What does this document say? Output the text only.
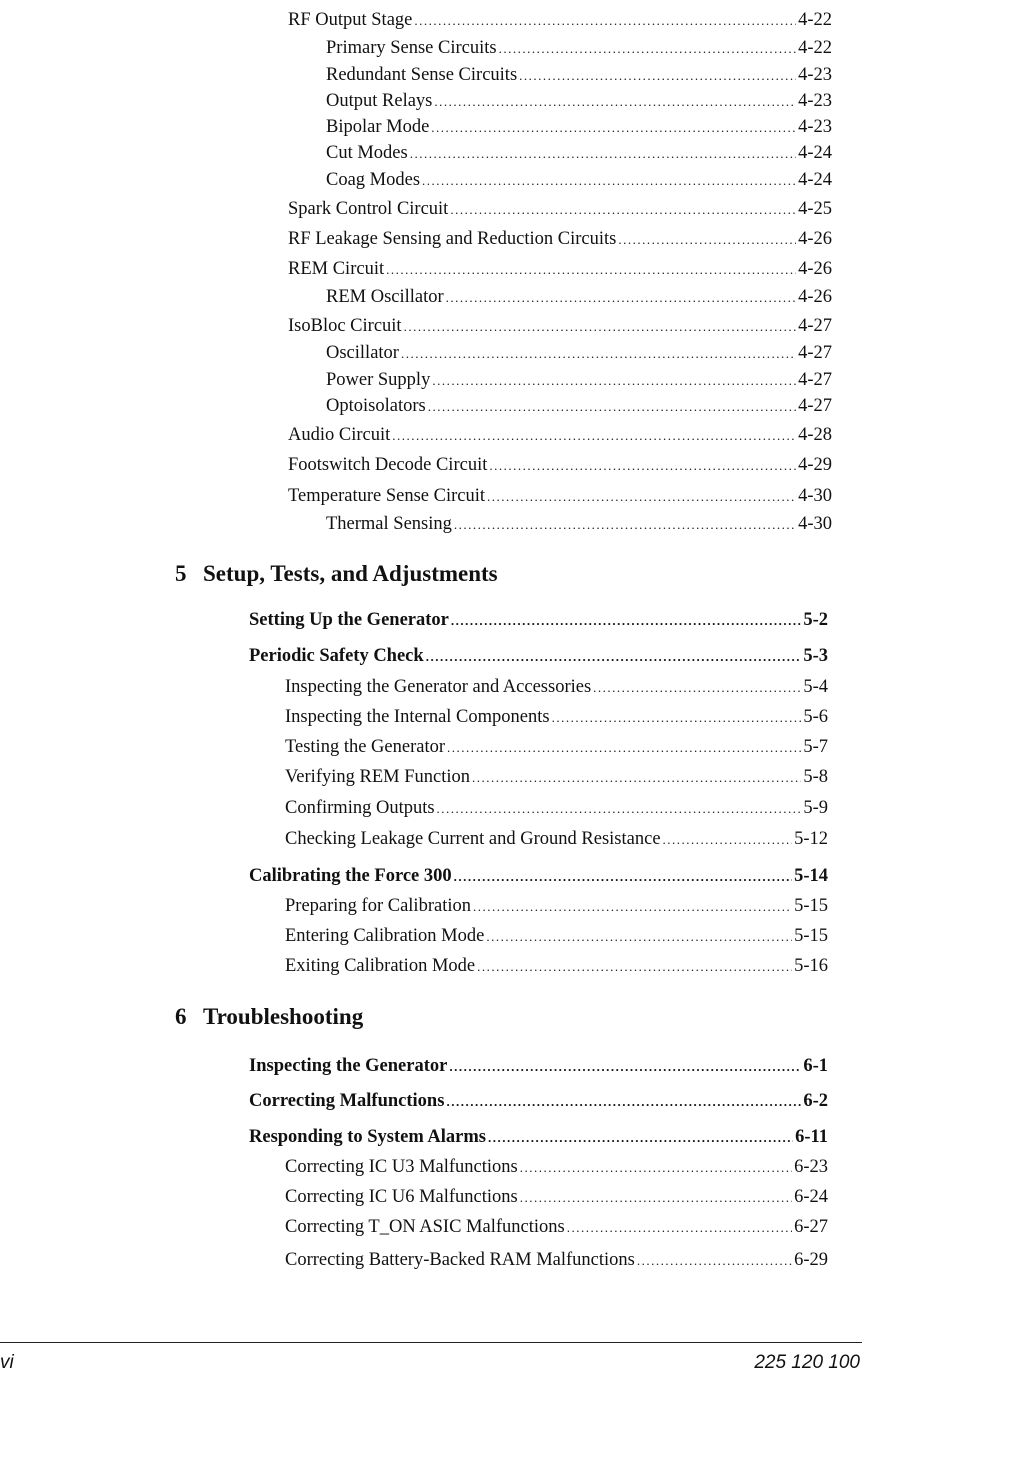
5 Setup, Tests, and Adjustments
6 Troubleshooting
RF Output Stage .....	4-22
Primary Sense Circuits .....	4-22
Redundant Sense Circuits .....	4-23
Output Relays .....	4-23
Bipolar Mode .....	4-23
Cut Modes .....	4-24
Coag Modes .....	4-24
Spark Control Circuit .....	4-25
RF Leakage Sensing and Reduction Circuits .....	4-26
REM Circuit .....	4-26
REM Oscillator .....	4-26
IsoBloc Circuit .....	4-27
Oscillator .....	4-27
Power Supply .....	4-27
Optoisolators .....	4-27
Audio Circuit .....	4-28
Footswitch Decode Circuit .....	4-29
Temperature Sense Circuit .....	4-30
Thermal Sensing .....	4-30
Setting Up the Generator .....	5-2
Periodic Safety Check .....	5-3
Inspecting the Generator and Accessories .....	5-4
Inspecting the Internal Components .....	5-6
Testing the Generator .....	5-7
Verifying REM Function .....	5-8
Confirming Outputs .....	5-9
Checking Leakage Current and Ground Resistance .....	5-12
Calibrating the Force 300 .....	5-14
Preparing for Calibration .....	5-15
Entering Calibration Mode .....	5-15
Exiting Calibration Mode .....	5-16
Inspecting the Generator .....	6-1
Correcting Malfunctions .....	6-2
Responding to System Alarms .....	6-11
Correcting IC U3 Malfunctions .....	6-23
Correcting IC U6 Malfunctions .....	6-24
Correcting T_ON ASIC Malfunctions .....	6-27
Correcting Battery-Backed RAM Malfunctions .....	6-29
vi	225 120 100
